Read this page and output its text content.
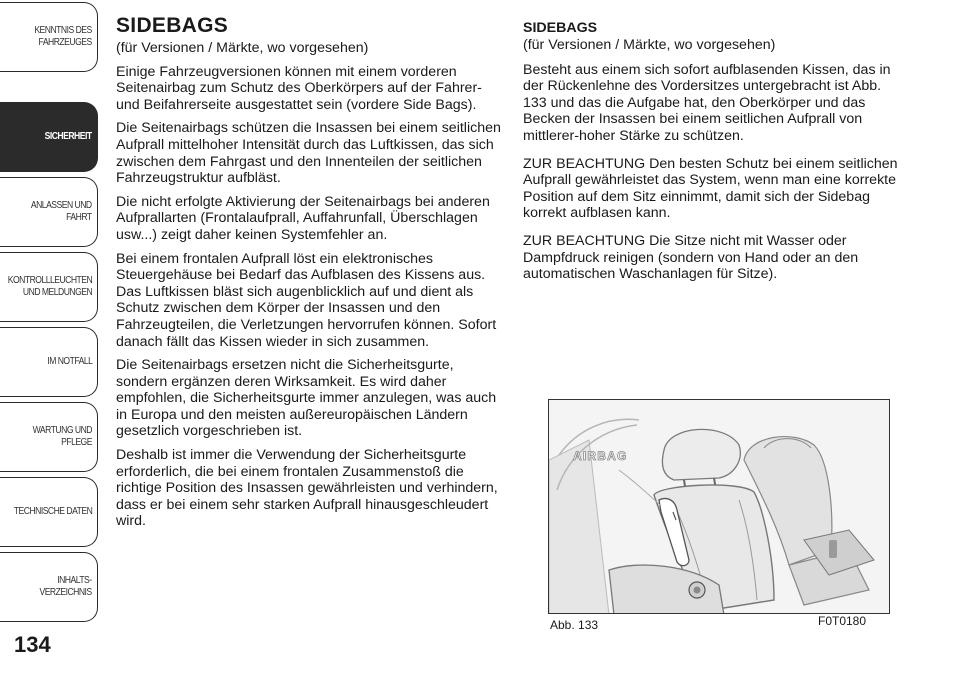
KENNTNIS DES
FAHRZEUGES
SICHERHEIT
ANLASSEN UND
FAHRT
KONTROLLLEUCHTEN
UND MELDUNGEN
IM NOTFALL
WARTUNG UND
PFLEGE
TECHNISCHE DATEN
INHALTS-
VERZEICHNIS
134
SIDEBAGS

(für Versionen / Märkte, wo vorgesehen)

Einige Fahrzeugversionen können mit einem vorderen Seitenairbag zum Schutz des Oberkörpers auf der Fahrer- und Beifahrerseite ausgestattet sein (vordere Side Bags).

Die Seitenairbags schützen die Insassen bei einem seitlichen Aufprall mittelhoher Intensität durch das Luftkissen, das sich zwischen dem Fahrgast und den Innenteilen der seitlichen Fahrzeugstruktur aufbläst.

Die nicht erfolgte Aktivierung der Seitenairbags bei anderen Aufprallarten (Frontalaufprall, Auffahrunfall, Überschlagen usw...) zeigt daher keinen Systemfehler an.

Bei einem frontalen Aufprall löst ein elektronisches Steuergehäuse bei Bedarf das Aufblasen des Kissens aus. Das Luftkissen bläst sich augenblicklich auf und dient als Schutz zwischen dem Körper der Insassen und den Fahrzeugteilen, die Verletzungen hervorrufen können. Sofort danach fällt das Kissen wieder in sich zusammen.

Die Seitenairbags ersetzen nicht die Sicherheitsgurte, sondern ergänzen deren Wirksamkeit. Es wird daher empfohlen, die Sicherheitsgurte immer anzulegen, was auch in Europa und den meisten außereuropäischen Ländern gesetzlich vorgeschrieben ist.

Deshalb ist immer die Verwendung der Sicherheitsgurte erforderlich, die bei einem frontalen Zusammenstoß die richtige Position des Insassen gewährleisten und verhindern, dass er bei einem sehr starken Aufprall hinausgeschleudert wird.

SIDEBAGS

(für Versionen / Märkte, wo vorgesehen)

Besteht aus einem sich sofort aufblasenden Kissen, das in der Rückenlehne des Vordersitzes untergebracht ist Abb. 133 und das die Aufgabe hat, den Oberkörper und das Becken der Insassen bei einem seitlichen Aufprall von mittlerer-hoher Stärke zu schützen.

ZUR BEACHTUNG Den besten Schutz bei einem seitlichen Aufprall gewährleistet das System, wenn man eine korrekte Position auf dem Sitz einnimmt, damit sich der Sidebag korrekt aufblasen kann.

ZUR BEACHTUNG Die Sitze nicht mit Wasser oder Dampfdruck reinigen (sondern von Hand oder an den automatischen Waschanlagen für Sitze).

AIRBAG
Abb. 133	F0T0180
